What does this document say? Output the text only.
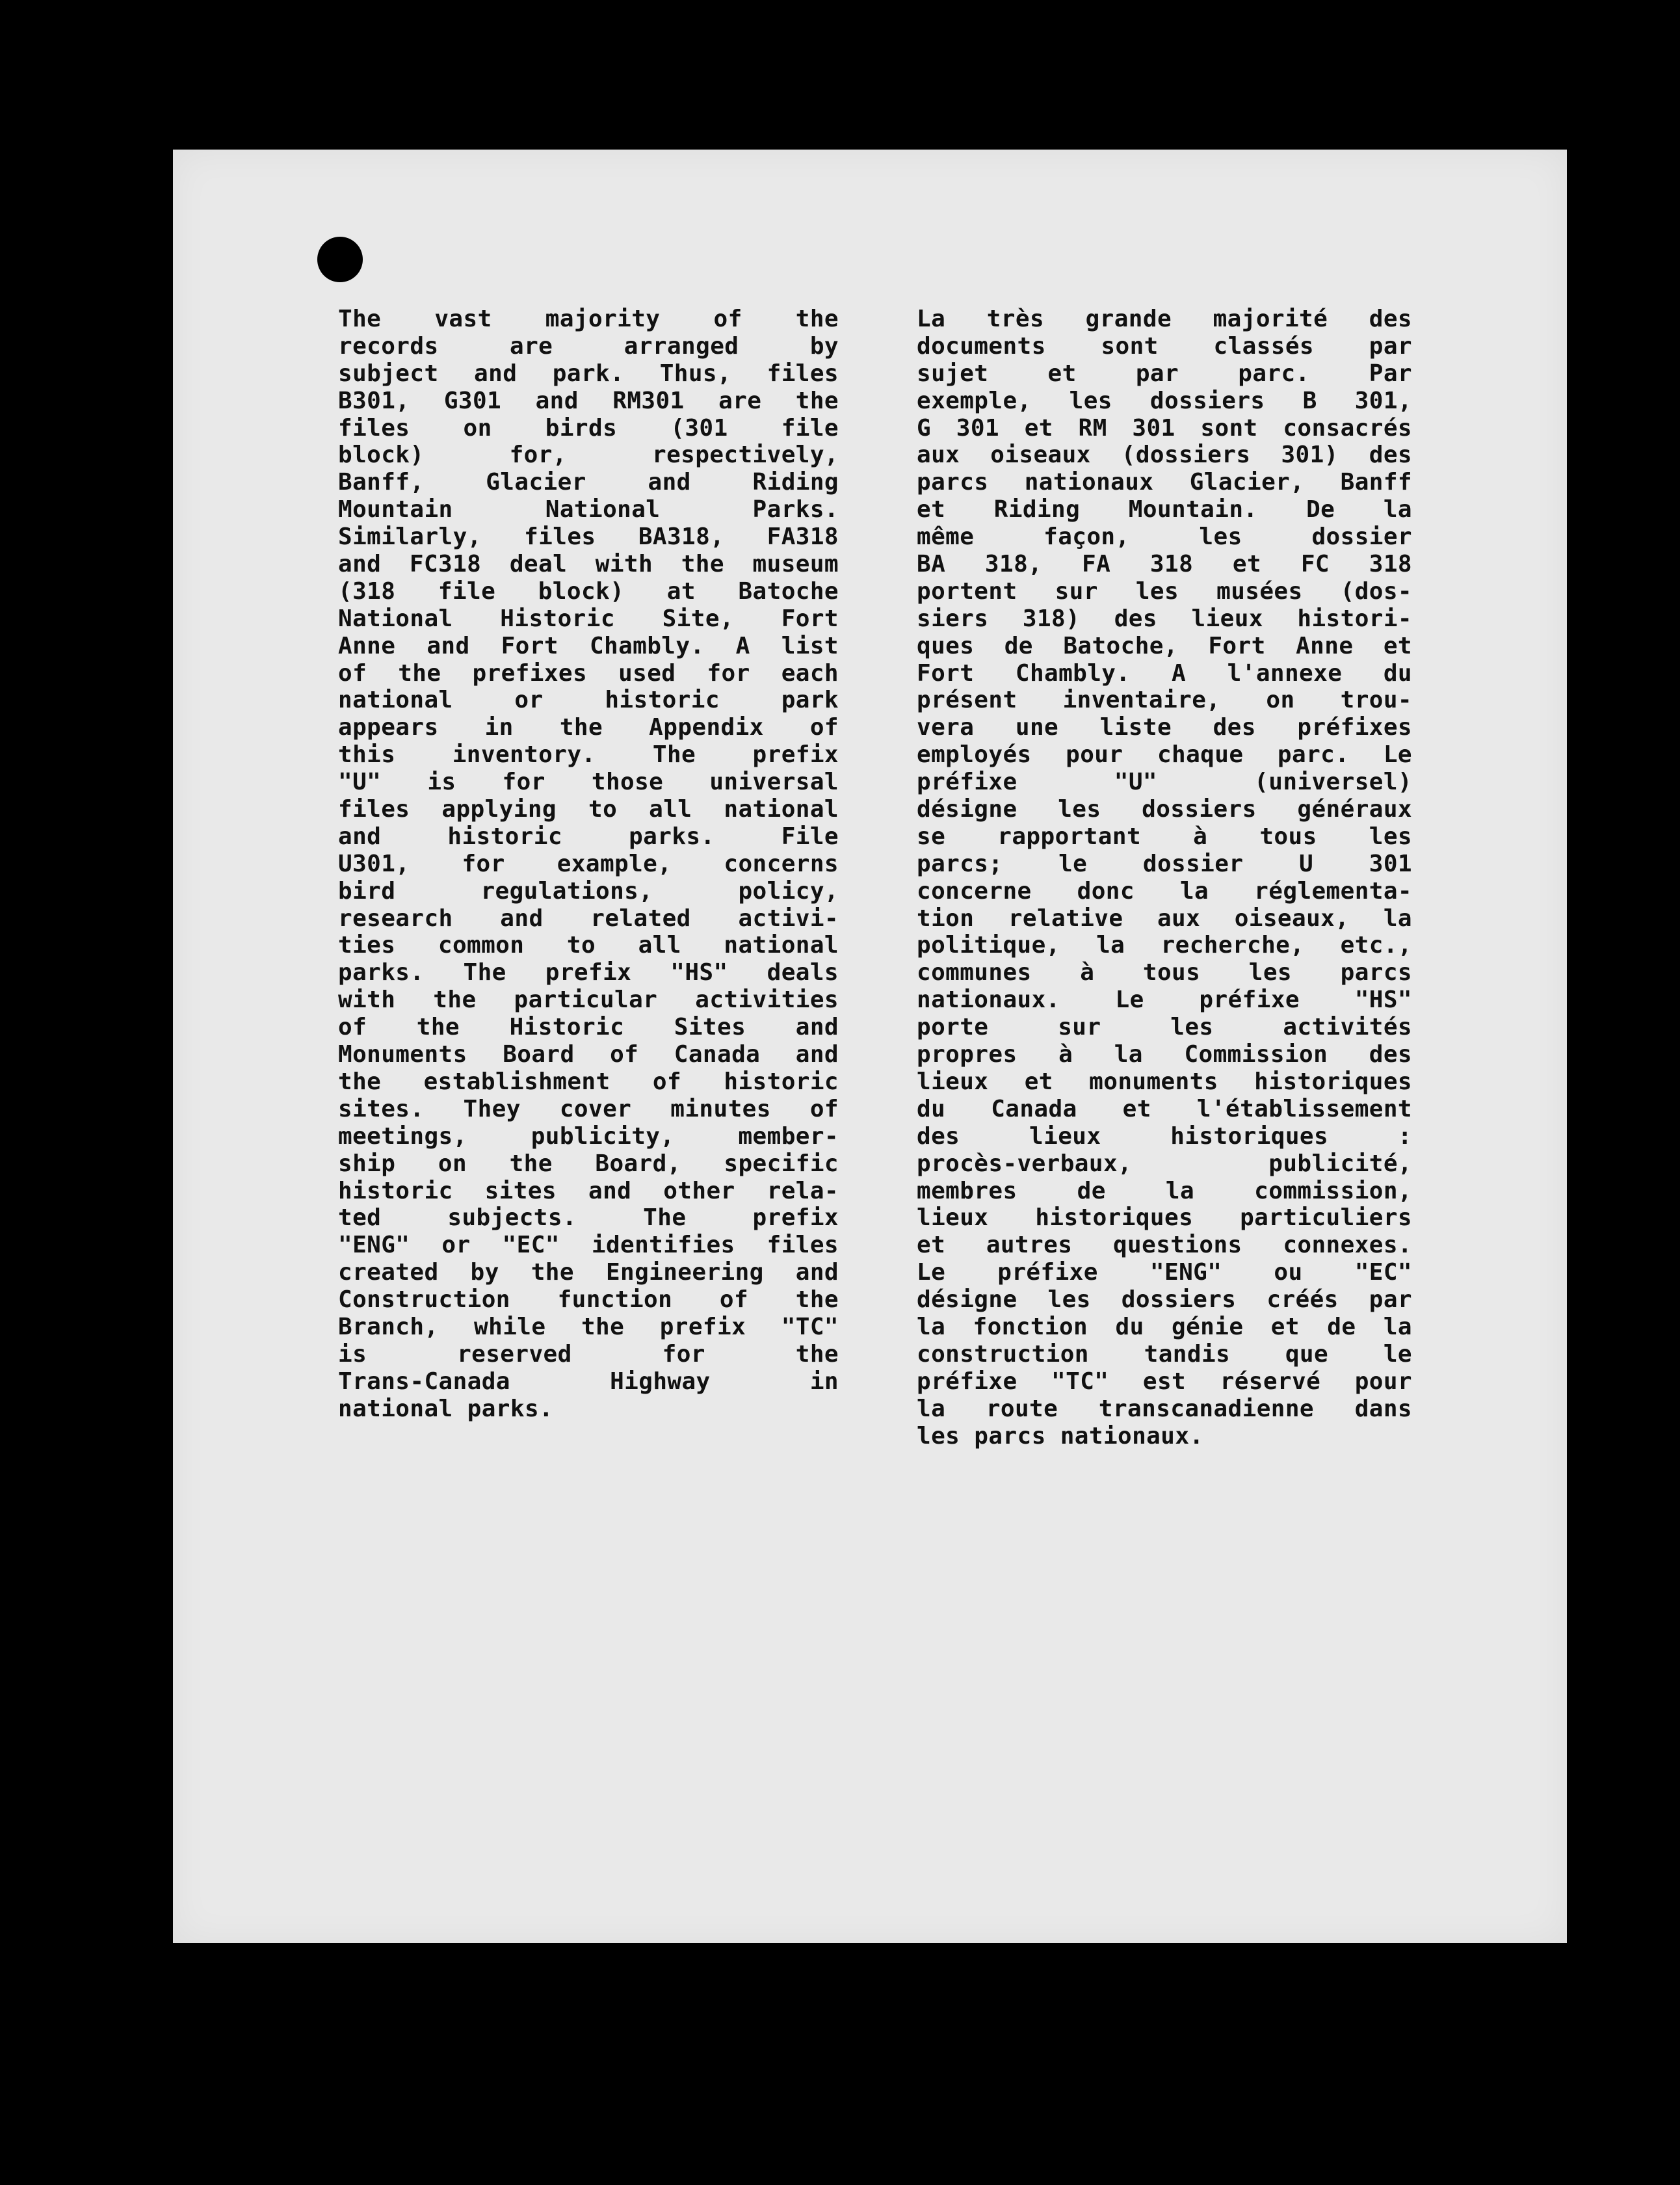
The vast majority of the
records are arranged by
subject and park. Thus, files
B301, G301 and RM301 are the
files on birds (301 file
block) for, respectively,
Banff, Glacier and Riding
Mountain National Parks.
Similarly, files BA318, FA318
and FC318 deal with the museum
(318 file block) at Batoche
National Historic Site, Fort
Anne and Fort Chambly. A list
of the prefixes used for each
national or historic park
appears in the Appendix of
this inventory. The prefix
"U" is for those universal
files applying to all national
and historic parks. File
U301, for example, concerns
bird regulations, policy,
research and related activi-
ties common to all national
parks. The prefix "HS" deals
with the particular activities
of the Historic Sites and
Monuments Board of Canada and
the establishment of historic
sites. They cover minutes of
meetings, publicity, member-
ship on the Board, specific
historic sites and other rela-
ted subjects. The prefix
"ENG" or "EC" identifies files
created by the Engineering and
Construction function of the
Branch, while the prefix "TC"
is reserved for the
Trans-Canada Highway in
national parks.
La très grande majorité des
documents sont classés par
sujet et par parc. Par
exemple, les dossiers B 301,
G 301 et RM 301 sont consacrés
aux oiseaux (dossiers 301) des
parcs nationaux Glacier, Banff
et Riding Mountain. De la
même façon, les dossier
BA 318, FA 318 et FC 318
portent sur les musées (dos-
siers 318) des lieux histori-
ques de Batoche, Fort Anne et
Fort Chambly. A l'annexe du
présent inventaire, on trou-
vera une liste des préfixes
employés pour chaque parc. Le
préfixe "U" (universel)
désigne les dossiers généraux
se rapportant à tous les
parcs; le dossier U 301
concerne donc la réglementa-
tion relative aux oiseaux, la
politique, la recherche, etc.,
communes à tous les parcs
nationaux. Le préfixe "HS"
porte sur les activités
propres à la Commission des
lieux et monuments historiques
du Canada et l'établissement
des lieux historiques :
procès-verbaux, publicité,
membres de la commission,
lieux historiques particuliers
et autres questions connexes.
Le préfixe "ENG" ou "EC"
désigne les dossiers créés par
la fonction du génie et de la
construction tandis que le
préfixe "TC" est réservé pour
la route transcanadienne dans
les parcs nationaux.
